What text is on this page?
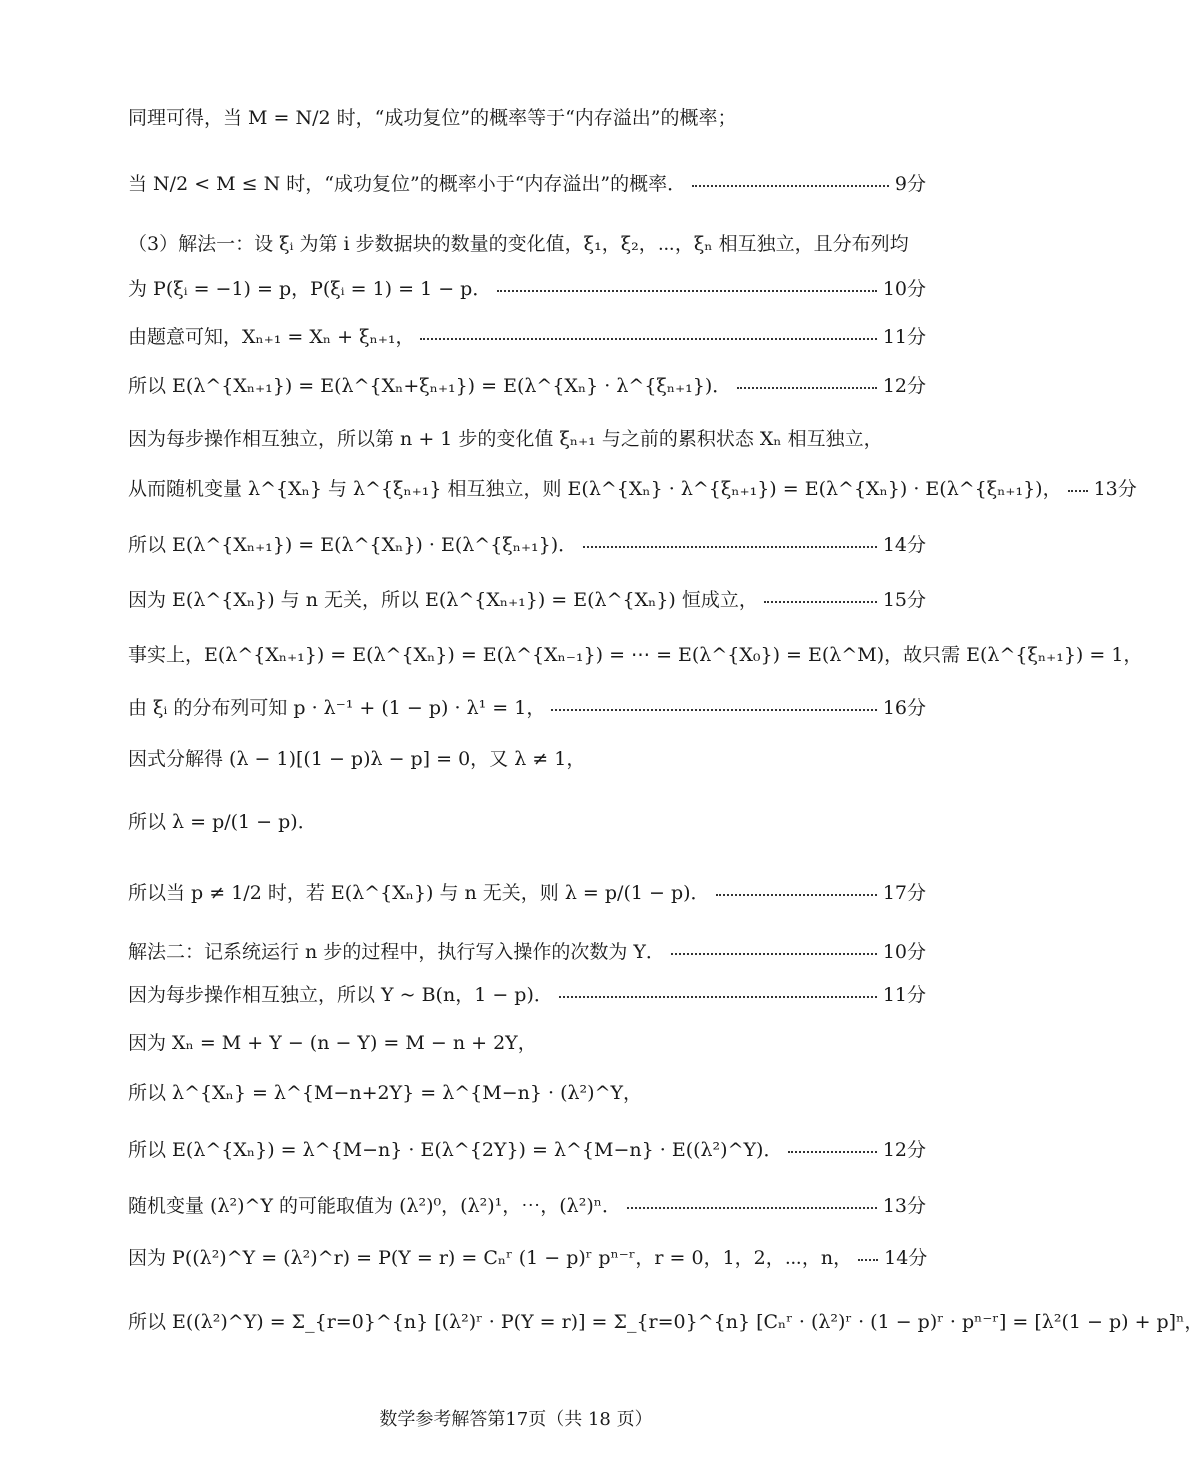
同理可得，当 M = N/2 时，“成功复位”的概率等于“内存溢出”的概率；
当 N/2 < M ≤ N 时，“成功复位”的概率小于“内存溢出”的概率．	9分
（3）解法一：设 ξᵢ 为第 i 步数据块的数量的变化值，ξ₁，ξ₂，⋯，ξₙ 相互独立，且分布列均
为 P(ξᵢ = −1) = p，P(ξᵢ = 1) = 1 − p．	10分
由题意可知，Xₙ₊₁ = Xₙ + ξₙ₊₁，	11分
所以 E(λ^{Xₙ₊₁}) = E(λ^{Xₙ+ξₙ₊₁}) = E(λ^{Xₙ} · λ^{ξₙ₊₁})．	12分
因为每步操作相互独立，所以第 n + 1 步的变化值 ξₙ₊₁ 与之前的累积状态 Xₙ 相互独立，
从而随机变量 λ^{Xₙ} 与 λ^{ξₙ₊₁} 相互独立，则 E(λ^{Xₙ} · λ^{ξₙ₊₁}) = E(λ^{Xₙ}) · E(λ^{ξₙ₊₁})， 13分
所以 E(λ^{Xₙ₊₁}) = E(λ^{Xₙ}) · E(λ^{ξₙ₊₁})．	14分
因为 E(λ^{Xₙ}) 与 n 无关，所以 E(λ^{Xₙ₊₁}) = E(λ^{Xₙ}) 恒成立，	15分
事实上，E(λ^{Xₙ₊₁}) = E(λ^{Xₙ}) = E(λ^{Xₙ₋₁}) = ⋯ = E(λ^{X₀}) = E(λ^M)，故只需 E(λ^{ξₙ₊₁}) = 1，
由 ξᵢ 的分布列可知 p · λ⁻¹ + (1 − p) · λ¹ = 1，	16分
因式分解得 (λ − 1)[(1 − p)λ − p] = 0，又 λ ≠ 1，
所以 λ = p/(1 − p)．
所以当 p ≠ 1/2 时，若 E(λ^{Xₙ}) 与 n 无关，则 λ = p/(1 − p)．	17分
解法二：记系统运行 n 步的过程中，执行写入操作的次数为 Y．	10分
因为每步操作相互独立，所以 Y ~ B(n，1 − p)．	11分
因为 Xₙ = M + Y − (n − Y) = M − n + 2Y，
所以 λ^{Xₙ} = λ^{M−n+2Y} = λ^{M−n} · (λ²)^Y，
所以 E(λ^{Xₙ}) = λ^{M−n} · E(λ^{2Y}) = λ^{M−n} · E((λ²)^Y)．	12分
随机变量 (λ²)^Y 的可能取值为 (λ²)⁰，(λ²)¹，⋯，(λ²)ⁿ．	13分
因为 P((λ²)^Y = (λ²)^r) = P(Y = r) = Cₙʳ (1 − p)ʳ pⁿ⁻ʳ，r = 0，1，2，⋯，n， 14分
所以 E((λ²)^Y) = Σ_{r=0}^{n} [(λ²)ʳ · P(Y = r)] = Σ_{r=0}^{n} [Cₙʳ · (λ²)ʳ · (1 − p)ʳ · pⁿ⁻ʳ] = [λ²(1 − p) + p]ⁿ，
数学参考解答第17页（共 18 页）
